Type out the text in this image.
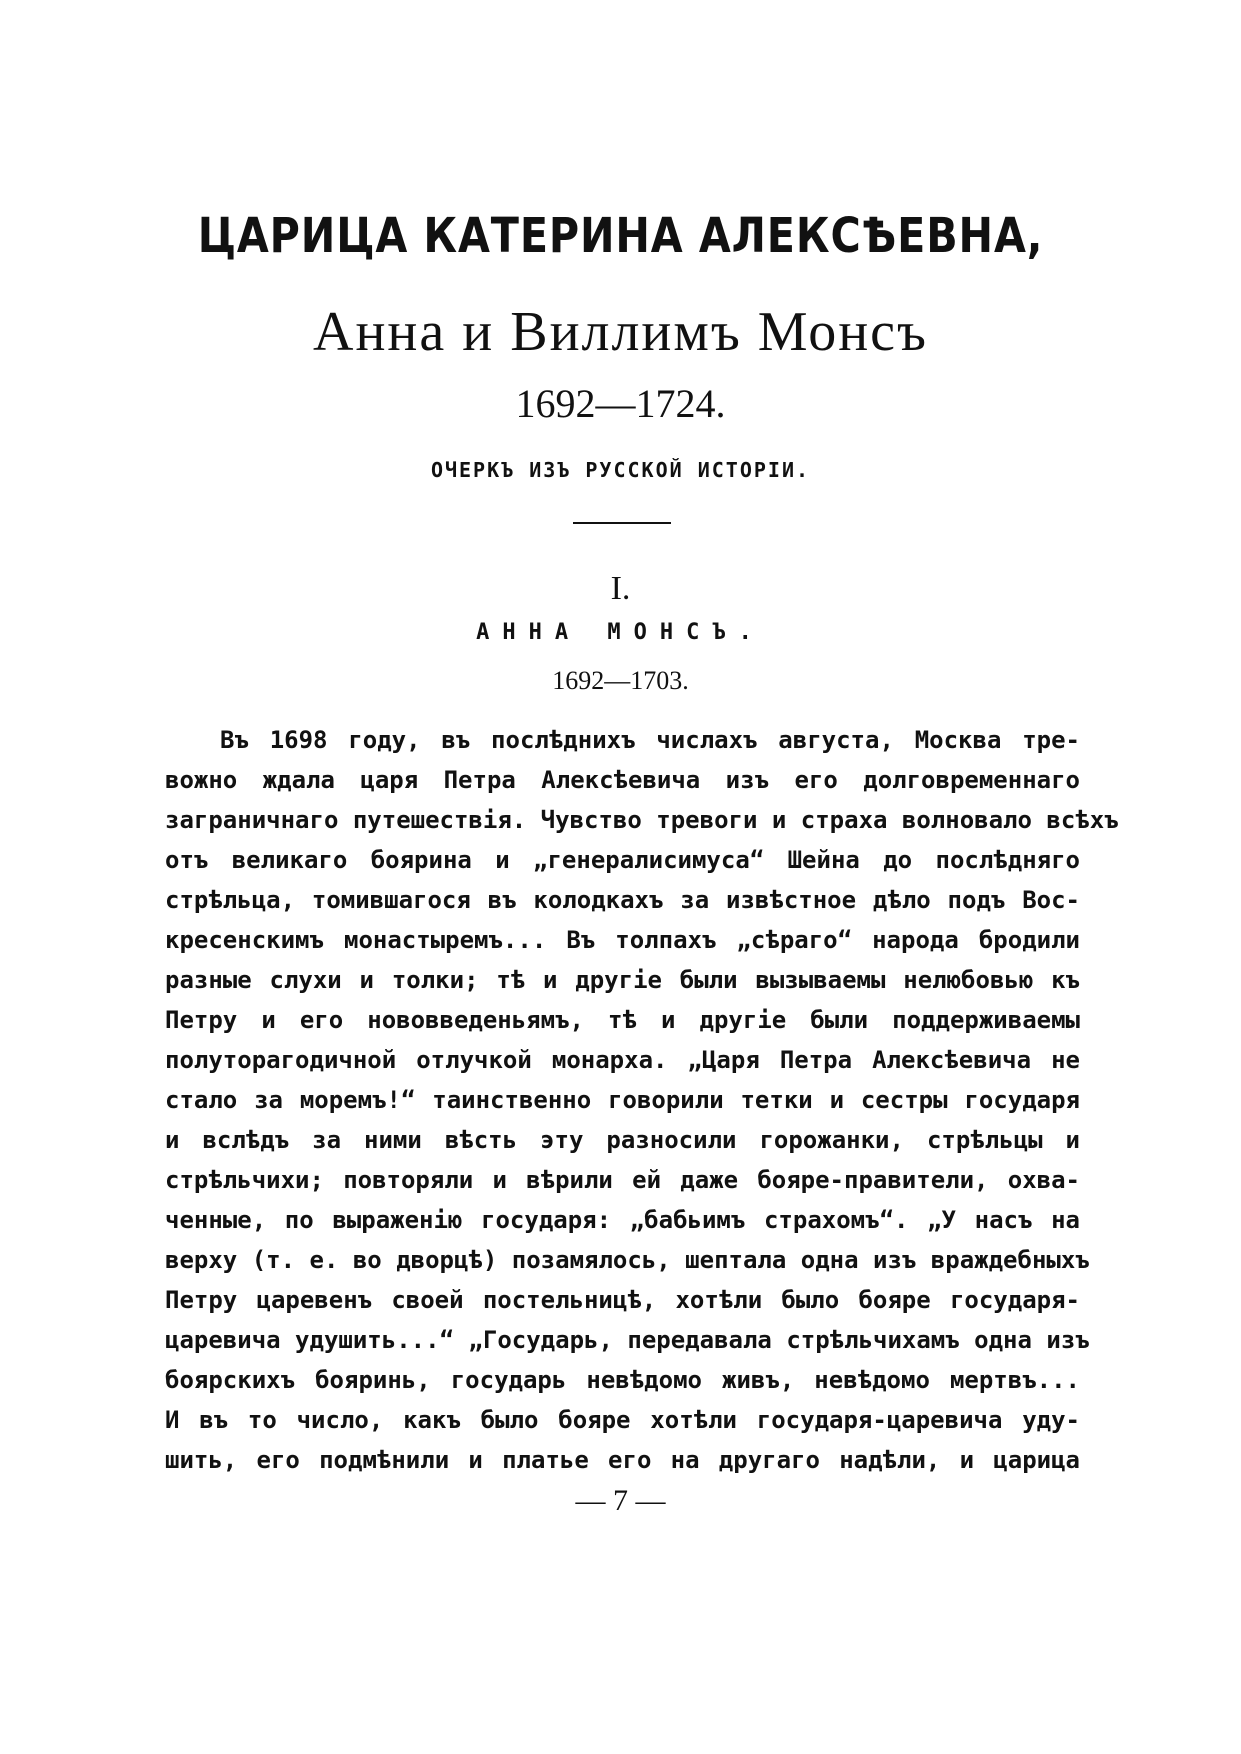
ЦАРИЦА КАТЕРИНА АЛЕКСѢЕВНА,
Анна и Виллимъ Монсъ
1692—1724.
ОЧЕРКЪ ИЗЪ РУССКОЙ ИСТОРІИ.
I.
АННА МОНСЪ.
1692—1703.
Въ 1698 году, въ послѣднихъ числахъ августа, Москва тре-
вожно ждала царя Петра Алексѣевича изъ его долговременнаго
заграничнаго путешествія. Чувство тревоги и страха волновало всѣхъ
отъ великаго боярина и „генералисимуса“ Шейна до послѣдняго
стрѣльца, томившагося въ колодкахъ за извѣстное дѣло подъ Вос-
кресенскимъ монастыремъ... Въ толпахъ „сѣраго“ народа бродили
разные слухи и толки; тѣ и другіе были вызываемы нелюбовью къ
Петру и его нововведеньямъ, тѣ и другіе были поддерживаемы
полутoрагодичной отлучкой монарха. „Царя Петра Алексѣевича не
стало за моремъ!“ таинственно говорили тетки и сестры государя
и вслѣдъ за ними вѣсть эту разносили горожанки, стрѣльцы и
стрѣльчихи; повторяли и вѣрили ей даже бояре-правители, охва-
ченные, по выраженію государя: „бабьимъ страхомъ“. „У насъ на
верху (т. е. во дворцѣ) позамялось, шептала одна изъ враждебныхъ
Петру царевенъ своей постельницѣ, хотѣли было бояре государя-
царевича удушить...“ „Государь, передавала стрѣльчихамъ одна изъ
боярскихъ бояринь, государь невѣдомо живъ, невѣдомо мертвъ...
И въ то число, какъ было бояре хотѣли государя-царевича уду-
шить, его подмѣнили и платье его на другаго надѣли, и царица
— 7 —
